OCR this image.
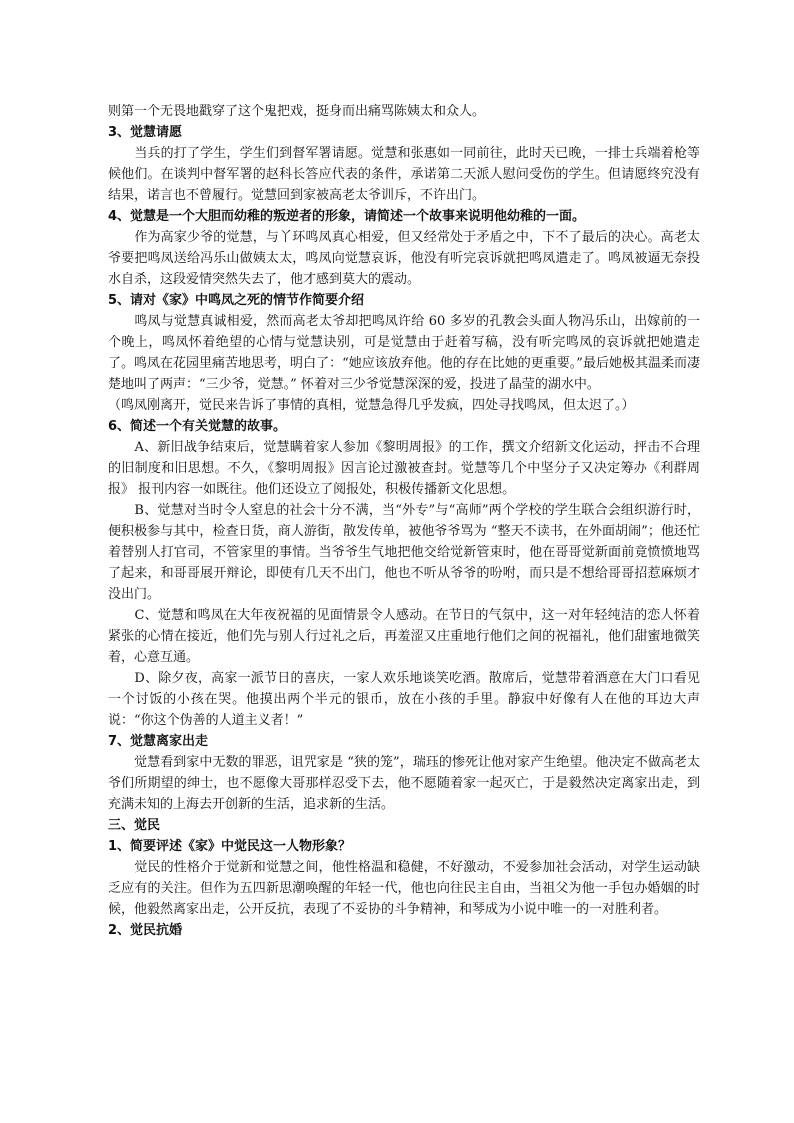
则第一个无畏地戳穿了这个鬼把戏，挺身而出痛骂陈姨太和众人。

3、觉慧请愿

　　当兵的打了学生，学生们到督军署请愿。觉慧和张惠如一同前往，此时天已晚，一排士兵端着枪等候他们。在谈判中督军署的赵科长答应代表的条件，承诺第二天派人慰问受伤的学生。但请愿终究没有结果，诺言也不曾履行。觉慧回到家被高老太爷训斥，不许出门。

4、觉慧是一个大胆而幼稚的叛逆者的形象，请简述一个故事来说明他幼稚的一面。

　　作为高家少爷的觉慧，与丫环鸣凤真心相爱，但又经常处于矛盾之中，下不了最后的决心。高老太爷要把鸣凤送给冯乐山做姨太太，鸣凤向觉慧哀诉，他没有听完哀诉就把鸣凤遣走了。鸣凤被逼无奈投水自杀，这段爱情突然失去了，他才感到莫大的震动。

5、请对《家》中鸣凤之死的情节作简要介绍

　　鸣凤与觉慧真诚相爱，然而高老太爷却把鸣凤许给 60 多岁的孔教会头面人物冯乐山，出嫁前的一个晚上，鸣凤怀着绝望的心情与觉慧诀别，可是觉慧由于赶着写稿，没有听完鸣凤的哀诉就把她遣走了。鸣凤在花园里痛苦地思考，明白了：“她应该放弃他。他的存在比她的更重要。”最后她极其温柔而凄楚地叫了两声：“三少爷，觉慧。” 怀着对三少爷觉慧深深的爱，投进了晶莹的湖水中。

（鸣凤刚离开，觉民来告诉了事情的真相，觉慧急得几乎发疯，四处寻找鸣凤，但太迟了。）

6、简述一个有关觉慧的故事。

　　A、新旧战争结束后，觉慧瞒着家人参加《黎明周报》的工作，撰文介绍新文化运动，抨击不合理的旧制度和旧思想。不久，《黎明周报》因言论过激被查封。觉慧等几个中坚分子又决定筹办《利群周报》 报刊内容一如既往。他们还设立了阅报处，积极传播新文化思想。

　　B、觉慧对当时令人窒息的社会十分不满，当“外专”与“高师”两个学校的学生联合会组织游行时，便积极参与其中，检查日货，商人游街，散发传单，被他爷爷骂为 “整天不读书，在外面胡闹”；他还忙着替别人打官司，不管家里的事情。当爷爷生气地把他交给觉新管束时，他在哥哥觉新面前竟愤愤地骂了起来，和哥哥展开辩论，即使有几天不出门，他也不听从爷爷的吩咐，而只是不想给哥哥招惹麻烦才没出门。

　　C、觉慧和鸣凤在大年夜祝福的见面情景令人感动。在节日的气氛中，这一对年轻纯洁的恋人怀着紧张的心情在接近，他们先与别人行过礼之后，再羞涩又庄重地行他们之间的祝福礼，他们甜蜜地微笑着，心意互通。

　　D、除夕夜，高家一派节日的喜庆，一家人欢乐地谈笑吃酒。散席后，觉慧带着酒意在大门口看见一个讨饭的小孩在哭。他摸出两个半元的银币，放在小孩的手里。静寂中好像有人在他的耳边大声说：“你这个伪善的人道主义者！”

7、觉慧离家出走

　　觉慧看到家中无数的罪恶，诅咒家是 “狭的笼”，瑞珏的惨死让他对家产生绝望。他决定不做高老太爷们所期望的绅士，也不愿像大哥那样忍受下去，他不愿随着家一起灭亡，于是毅然决定离家出走，到充满未知的上海去开创新的生活，追求新的生活。

三、觉民

1、简要评述《家》中觉民这一人物形象？

　　觉民的性格介于觉新和觉慧之间，他性格温和稳健，不好激动，不爱参加社会活动，对学生运动缺乏应有的关注。但作为五四新思潮唤醒的年轻一代，他也向往民主自由，当祖父为他一手包办婚姻的时候，他毅然离家出走，公开反抗，表现了不妥协的斗争精神，和琴成为小说中唯一的一对胜利者。

2、觉民抗婚
